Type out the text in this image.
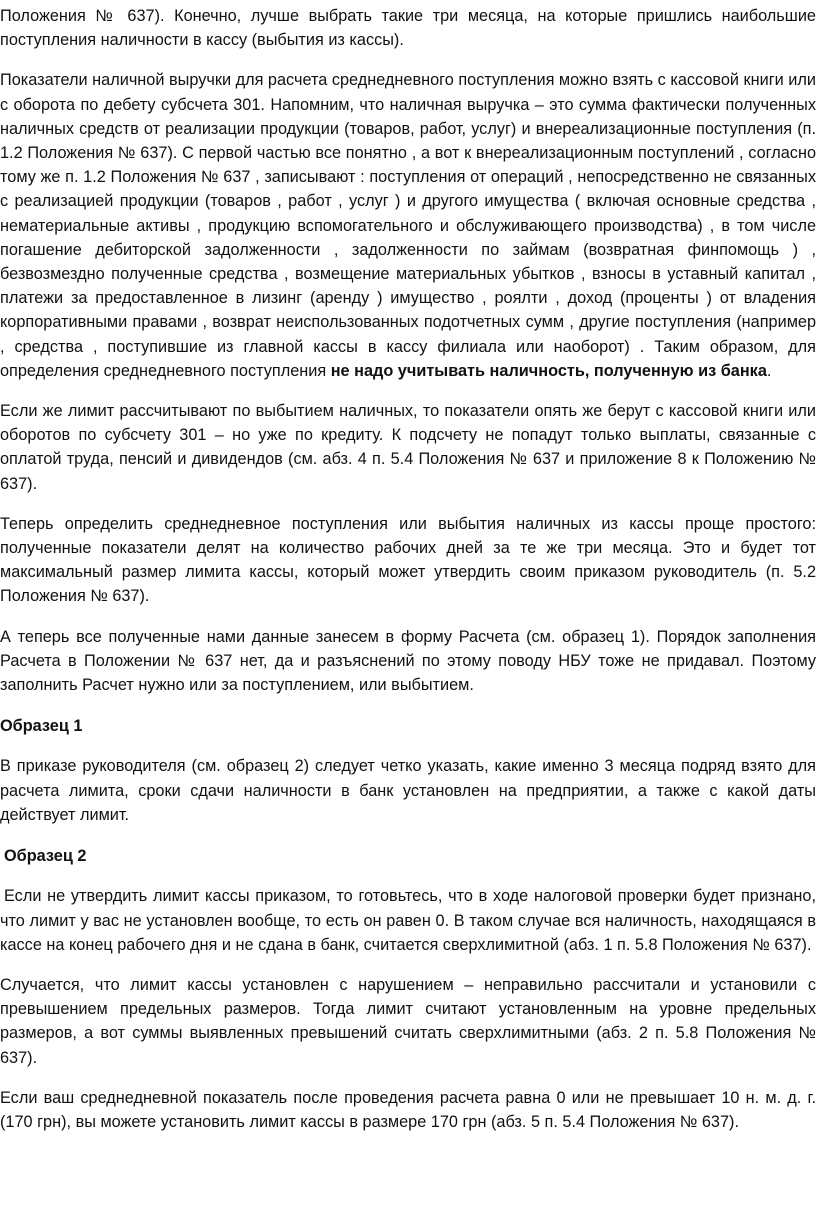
Положения № 637). Конечно, лучше выбрать такие три месяца, на которые пришлись наибольшие поступления наличности в кассу (выбытия из кассы).

Показатели наличной выручки для расчета среднедневного поступления можно взять с кассовой книги или с оборота по дебету субсчета 301. Напомним, что наличная выручка – это сумма фактически полученных наличных средств от реализации продукции (товаров, работ, услуг) и внереализационные поступления (п. 1.2 Положения № 637). С первой частью все понятно , а вот к внереализационным поступлений , согласно тому же п. 1.2 Положения № 637 , записывают : поступления от операций , непосредственно не связанных с реализацией продукции (товаров , работ , услуг ) и другого имущества ( включая основные средства , нематериальные активы , продукцию вспомогательного и обслуживающего производства) , в том числе погашение дебиторской задолженности , задолженности по займам (возвратная финпомощь ) , безвозмездно полученные средства , возмещение материальных убытков , взносы в уставный капитал , платежи за предоставленное в лизинг (аренду ) имущество , роялти , доход (проценты ) от владения корпоративными правами , возврат неиспользованных подотчетных сумм , другие поступления (например , средства , поступившие из главной кассы в кассу филиала или наоборот) . Таким образом, для определения среднедневного поступления не надо учитывать наличность, полученную из банка.

Если же лимит рассчитывают по выбытием наличных, то показатели опять же берут с кассовой книги или оборотов по субсчету 301 – но уже по кредиту. К подсчету не попадут только выплаты, связанные с оплатой труда, пенсий и дивидендов (см. абз. 4 п. 5.4 Положения № 637 и приложение 8 к Положению № 637).

Теперь определить среднедневное поступления или выбытия наличных из кассы проще простого: полученные показатели делят на количество рабочих дней за те же три месяца. Это и будет тот максимальный размер лимита кассы, который может утвердить своим приказом руководитель (п. 5.2 Положения № 637).

А теперь все полученные нами данные занесем в форму Расчета (см. образец 1). Порядок заполнения Расчета в Положении № 637 нет, да и разъяснений по этому поводу НБУ тоже не придавал. Поэтому заполнить Расчет нужно или за поступлением, или выбытием.

Образец 1

В приказе руководителя (см. образец 2) следует четко указать, какие именно 3 месяца подряд взято для расчета лимита, сроки сдачи наличности в банк установлен на предприятии, а также с какой даты действует лимит.

Образец 2

Если не утвердить лимит кассы приказом, то готовьтесь, что в ходе налоговой проверки будет признано, что лимит у вас не установлен вообще, то есть он равен 0. В таком случае вся наличность, находящаяся в кассе на конец рабочего дня и не сдана в банк, считается сверхлимитной (абз. 1 п. 5.8 Положения № 637).

Случается, что лимит кассы установлен с нарушением – неправильно рассчитали и установили с превышением предельных размеров. Тогда лимит считают установленным на уровне предельных размеров, а вот суммы выявленных превышений считать сверхлимитными (абз. 2 п. 5.8 Положения № 637).

Если ваш среднедневной показатель после проведения расчета равна 0 или не превышает 10 н. м. д. г. (170 грн), вы можете установить лимит кассы в размере 170 грн (абз. 5 п. 5.4 Положения № 637).
